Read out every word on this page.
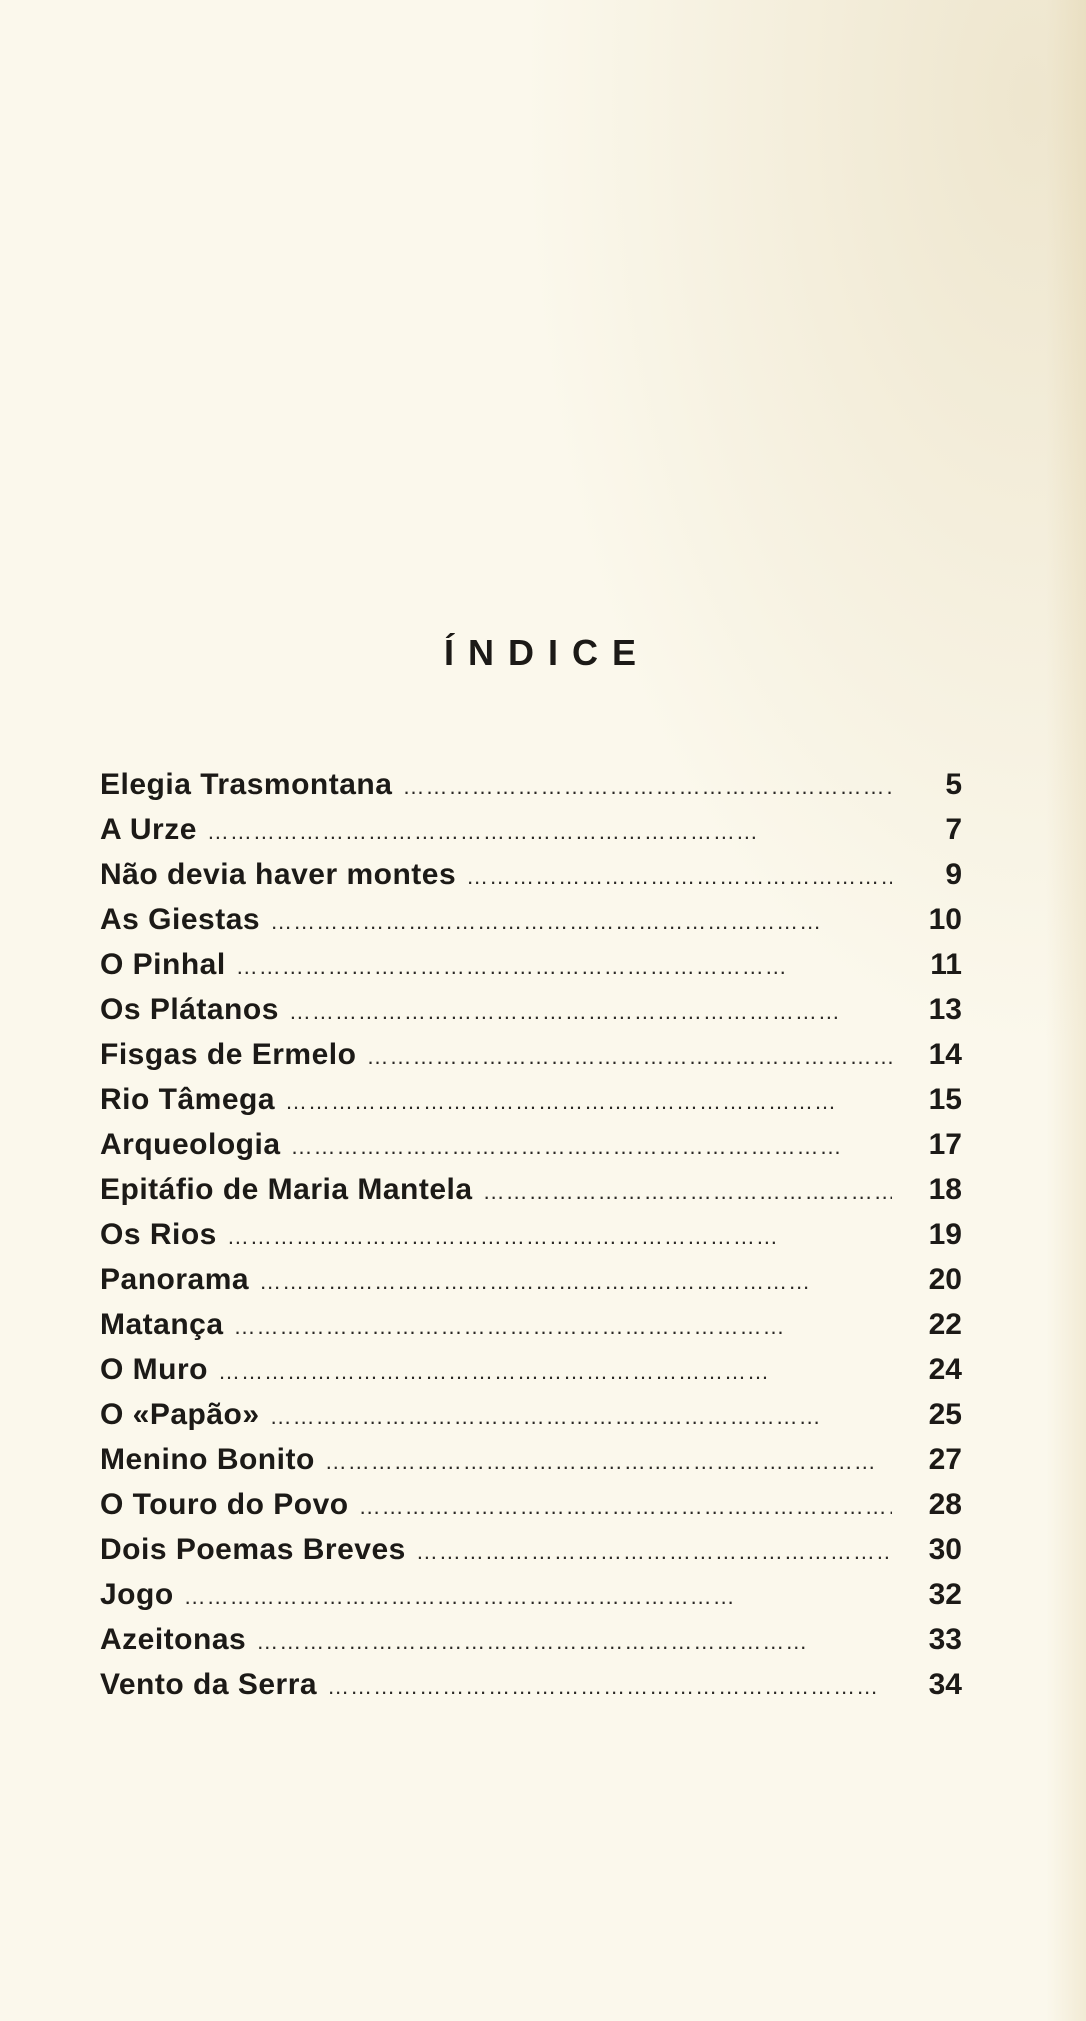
ÍNDICE
Elegia Trasmontana ………………………………………………………………	5
A Urze ………………………………………………………………	7
Não devia haver montes ………………………………………………………………	9
As Giestas ………………………………………………………………	10
O Pinhal ………………………………………………………………	11
Os Plátanos ………………………………………………………………	13
Fisgas de Ermelo ………………………………………………………………	14
Rio Tâmega ………………………………………………………………	15
Arqueologia ………………………………………………………………	17
Epitáfio de Maria Mantela ………………………………………………………………	18
Os Rios ………………………………………………………………	19
Panorama ………………………………………………………………	20
Matança ………………………………………………………………	22
O Muro ………………………………………………………………	24
O «Papão» ………………………………………………………………	25
Menino Bonito ………………………………………………………………	27
O Touro do Povo ………………………………………………………………	28
Dois Poemas Breves ………………………………………………………………	30
Jogo ………………………………………………………………	32
Azeitonas ………………………………………………………………	33
Vento da Serra ………………………………………………………………	34
